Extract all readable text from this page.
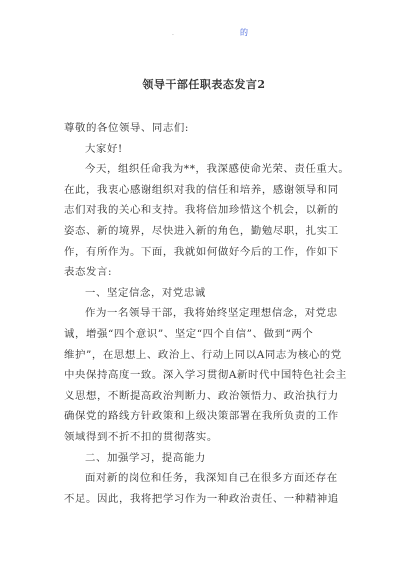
.	的
领导干部任职表态发言2
尊敬的各位领导、同志们:
大家好!
今天，组织任命我为**，我深感使命光荣、责任重大。
在此，我衷心感谢组织对我的信任和培养，感谢领导和同
志们对我的关心和支持。我将倍加珍惜这个机会，以新的
姿态、新的境界，尽快进入新的角色，勤勉尽职，扎实工
作，有所作为。下面，我就如何做好今后的工作，作如下
表态发言:
一、坚定信念，对党忠诚
作为一名领导干部，我将始终坚定理想信念，对党忠
诚，增强“四个意识”、坚定“四个自信”、做到“两个
维护”，在思想上、政治上、行动上同以A同志为核心的党
中央保持高度一致。深入学习贯彻A新时代中国特色社会主
义思想，不断提高政治判断力、政治领悟力、政治执行力
确保党的路线方针政策和上级决策部署在我所负责的工作
领域得到不折不扣的贯彻落实。
二、加强学习，提高能力
面对新的岗位和任务，我深知自己在很多方面还存在
不足。因此，我将把学习作为一种政治责任、一种精神追
